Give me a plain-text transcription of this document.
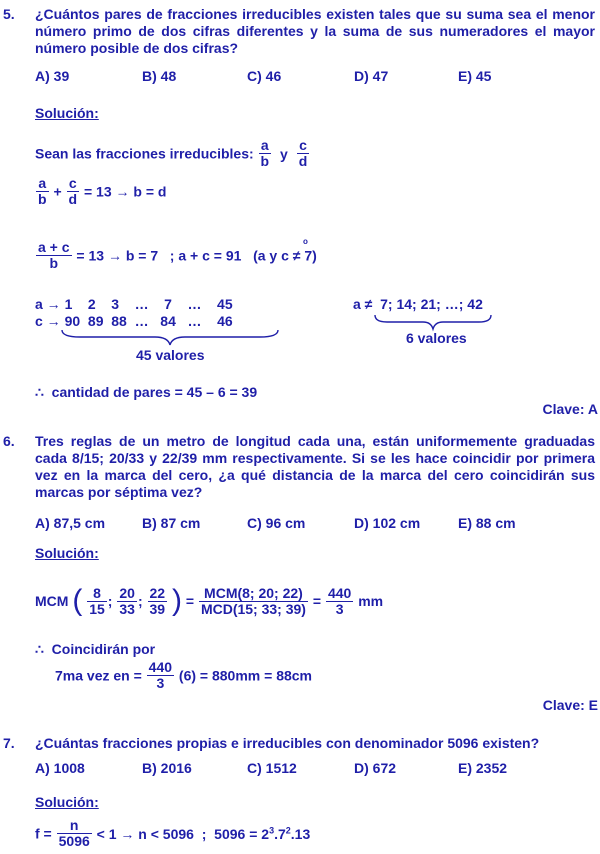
5. ¿Cuántos pares de fracciones irreducibles existen tales que su suma sea el menor número primo de dos cifras diferentes y la suma de sus numeradores el mayor número posible de dos cifras?
A) 39	B) 48	C) 46	D) 47	E) 45
Solución:
Sean las fracciones irreducibles: $\frac{a}{b}$ y $\frac{c}{d}$
$\frac{a}{b} + \frac{c}{d} = 13 \to b = d$
$\frac{a + c}{b} = 13 \to b = 7$   ; a + c = 91   (a y c ≠ 7)
o
a → 1    2    3    …    7    …    45
c → 90  89  88  …   84   …    46
45 valores
a ≠  7; 14; 21; …; 42
6 valores
∴  cantidad de pares = 45 – 6 = 39
Clave: A
6. Tres reglas de un metro de longitud cada una, están uniformemente graduadas cada 8/15; 20/33 y 22/39 mm respectivamente. Si se les hace coincidir por primera vez en la marca del cero, ¿a qué distancia de la marca del cero coincidirán sus marcas por séptima vez?
A) 87,5 cm	B) 87 cm	C) 96 cm	D) 102 cm	E) 88 cm
Solución:
MCM ( $\frac{8}{15}$ ; $\frac{20}{33}$ ; $\frac{22}{39}$ ) = $\frac{\text{MCM(8; 20; 22)}}{\text{MCD(15; 33; 39)}} = \frac{440}{3}$ mm
∴  Coincidirán por
7ma vez en = $\frac{440}{3} (6) = 880mm = 88cm$
Clave: E
7. ¿Cuántas fracciones propias e irreducibles con denominador 5096 existen?
A) 1008	B) 2016	C) 1512	D) 672	E) 2352
Solución:
$f = \frac{n}{5096} < 1 \to n < 5096$  ;  $5096 = 2^3.7^2.13$
